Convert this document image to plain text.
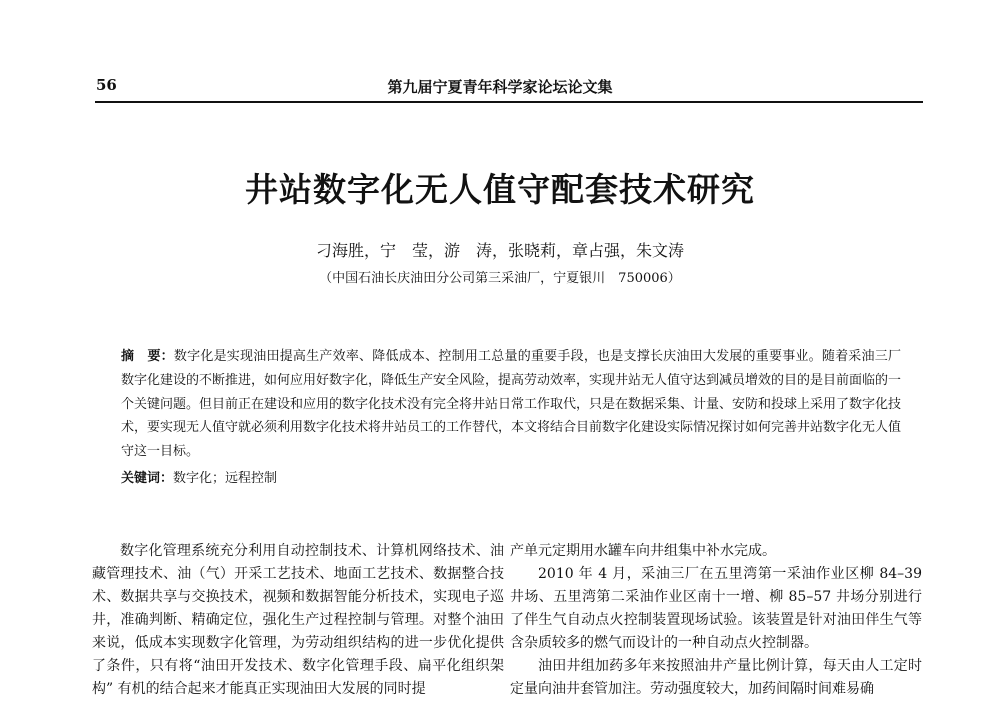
56	第九届宁夏青年科学家论坛论文集
井站数字化无人值守配套技术研究
刁海胜，宁　莹，游　涛，张晓莉，章占强，朱文涛
（中国石油长庆油田分公司第三采油厂，宁夏银川　750006）
摘　要：数字化是实现油田提高生产效率、降低成本、控制用工总量的重要手段，也是支撑长庆油田大发展的重要事业。随着采油三厂数字化建设的不断推进，如何应用好数字化，降低生产安全风险，提高劳动效率，实现井站无人值守达到减员增效的目的是目前面临的一个关键问题。但目前正在建设和应用的数字化技术没有完全将井站日常工作取代，只是在数据采集、计量、安防和投球上采用了数字化技术，要实现无人值守就必须利用数字化技术将井站员工的工作替代，本文将结合目前数字化建设实际情况探讨如何完善井站数字化无人值守这一目标。
关键词：数字化；远程控制

数字化管理系统充分利用自动控制技术、计算机网络技术、油藏管理技术、油（气）开采工艺技术、地面工艺技术、数据整合技术、数据共享与交换技术，视频和数据智能分析技术，实现电子巡井，准确判断、精确定位，强化生产过程控制与管理。对整个油田来说，低成本实现数字化管理，为劳动组织结构的进一步优化提供了条件，只有将“油田开发技术、数字化管理手段、扁平化组织架构” 有机的结合起来才能真正实现油田大发展的同时提

产单元定期用水罐车向井组集中补水完成。

2010 年 4 月，采油三厂在五里湾第一采油作业区柳 84–39 井场、五里湾第二采油作业区南十一增、柳 85–57 井场分别进行了伴生气自动点火控制装置现场试验。该装置是针对油田伴生气等含杂质较多的燃气而设计的一种自动点火控制器。

油田井组加药多年来按照油井产量比例计算，每天由人工定时定量向油井套管加注。劳动强度较大，加药间隔时间难易确
